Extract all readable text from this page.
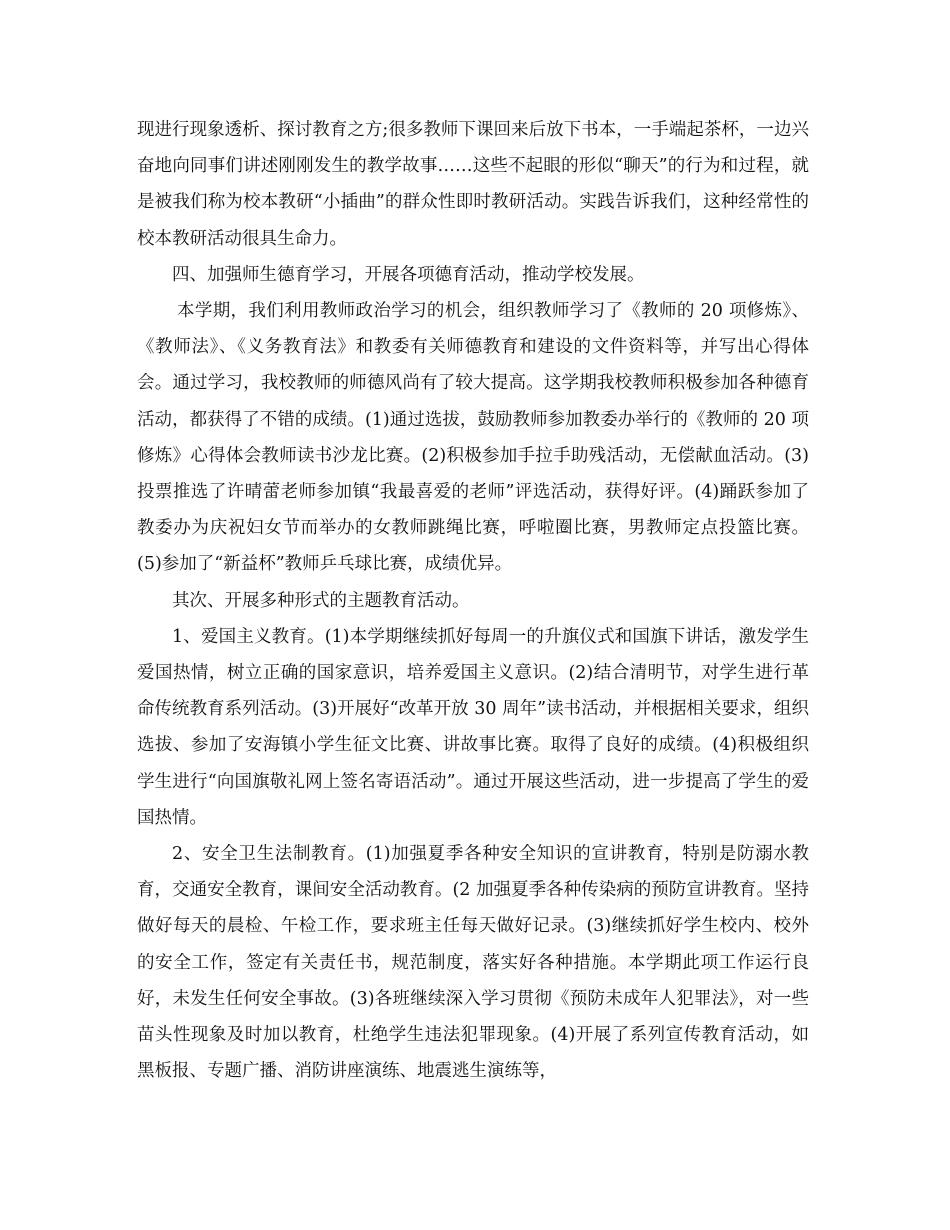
现进行现象透析、探讨教育之方;很多教师下课回来后放下书本，一手端起茶杯，一边兴奋地向同事们讲述刚刚发生的教学故事……这些不起眼的形似“聊天”的行为和过程，就是被我们称为校本教研“小插曲”的群众性即时教研活动。实践告诉我们，这种经常性的校本教研活动很具生命力。

四、加强师生德育学习，开展各项德育活动，推动学校发展。

本学期，我们利用教师政治学习的机会，组织教师学习了《教师的 20 项修炼》、《教师法》、《义务教育法》和教委有关师德教育和建设的文件资料等，并写出心得体会。通过学习，我校教师的师德风尚有了较大提高。这学期我校教师积极参加各种德育活动，都获得了不错的成绩。(1)通过选拔，鼓励教师参加教委办举行的《教师的 20 项修炼》心得体会教师读书沙龙比赛。(2)积极参加手拉手助残活动，无偿献血活动。(3)投票推选了许晴蕾老师参加镇“我最喜爱的老师”评选活动，获得好评。(4)踊跃参加了教委办为庆祝妇女节而举办的女教师跳绳比赛，呼啦圈比赛，男教师定点投篮比赛。(5)参加了“新益杯”教师乒乓球比赛，成绩优异。

其次、开展多种形式的主题教育活动。

1、爱国主义教育。(1)本学期继续抓好每周一的升旗仪式和国旗下讲话，激发学生爱国热情，树立正确的国家意识，培养爱国主义意识。(2)结合清明节，对学生进行革命传统教育系列活动。(3)开展好“改革开放 30 周年”读书活动，并根据相关要求，组织选拔、参加了安海镇小学生征文比赛、讲故事比赛。取得了良好的成绩。(4)积极组织学生进行“向国旗敬礼网上签名寄语活动”。通过开展这些活动，进一步提高了学生的爱国热情。

2、安全卫生法制教育。(1)加强夏季各种安全知识的宣讲教育，特别是防溺水教育，交通安全教育，课间安全活动教育。(2 加强夏季各种传染病的预防宣讲教育。坚持做好每天的晨检、午检工作，要求班主任每天做好记录。(3)继续抓好学生校内、校外的安全工作，签定有关责任书，规范制度，落实好各种措施。本学期此项工作运行良好，未发生任何安全事故。(3)各班继续深入学习贯彻《预防未成年人犯罪法》，对一些苗头性现象及时加以教育，杜绝学生违法犯罪现象。(4)开展了系列宣传教育活动，如黑板报、专题广播、消防讲座演练、地震逃生演练等，
